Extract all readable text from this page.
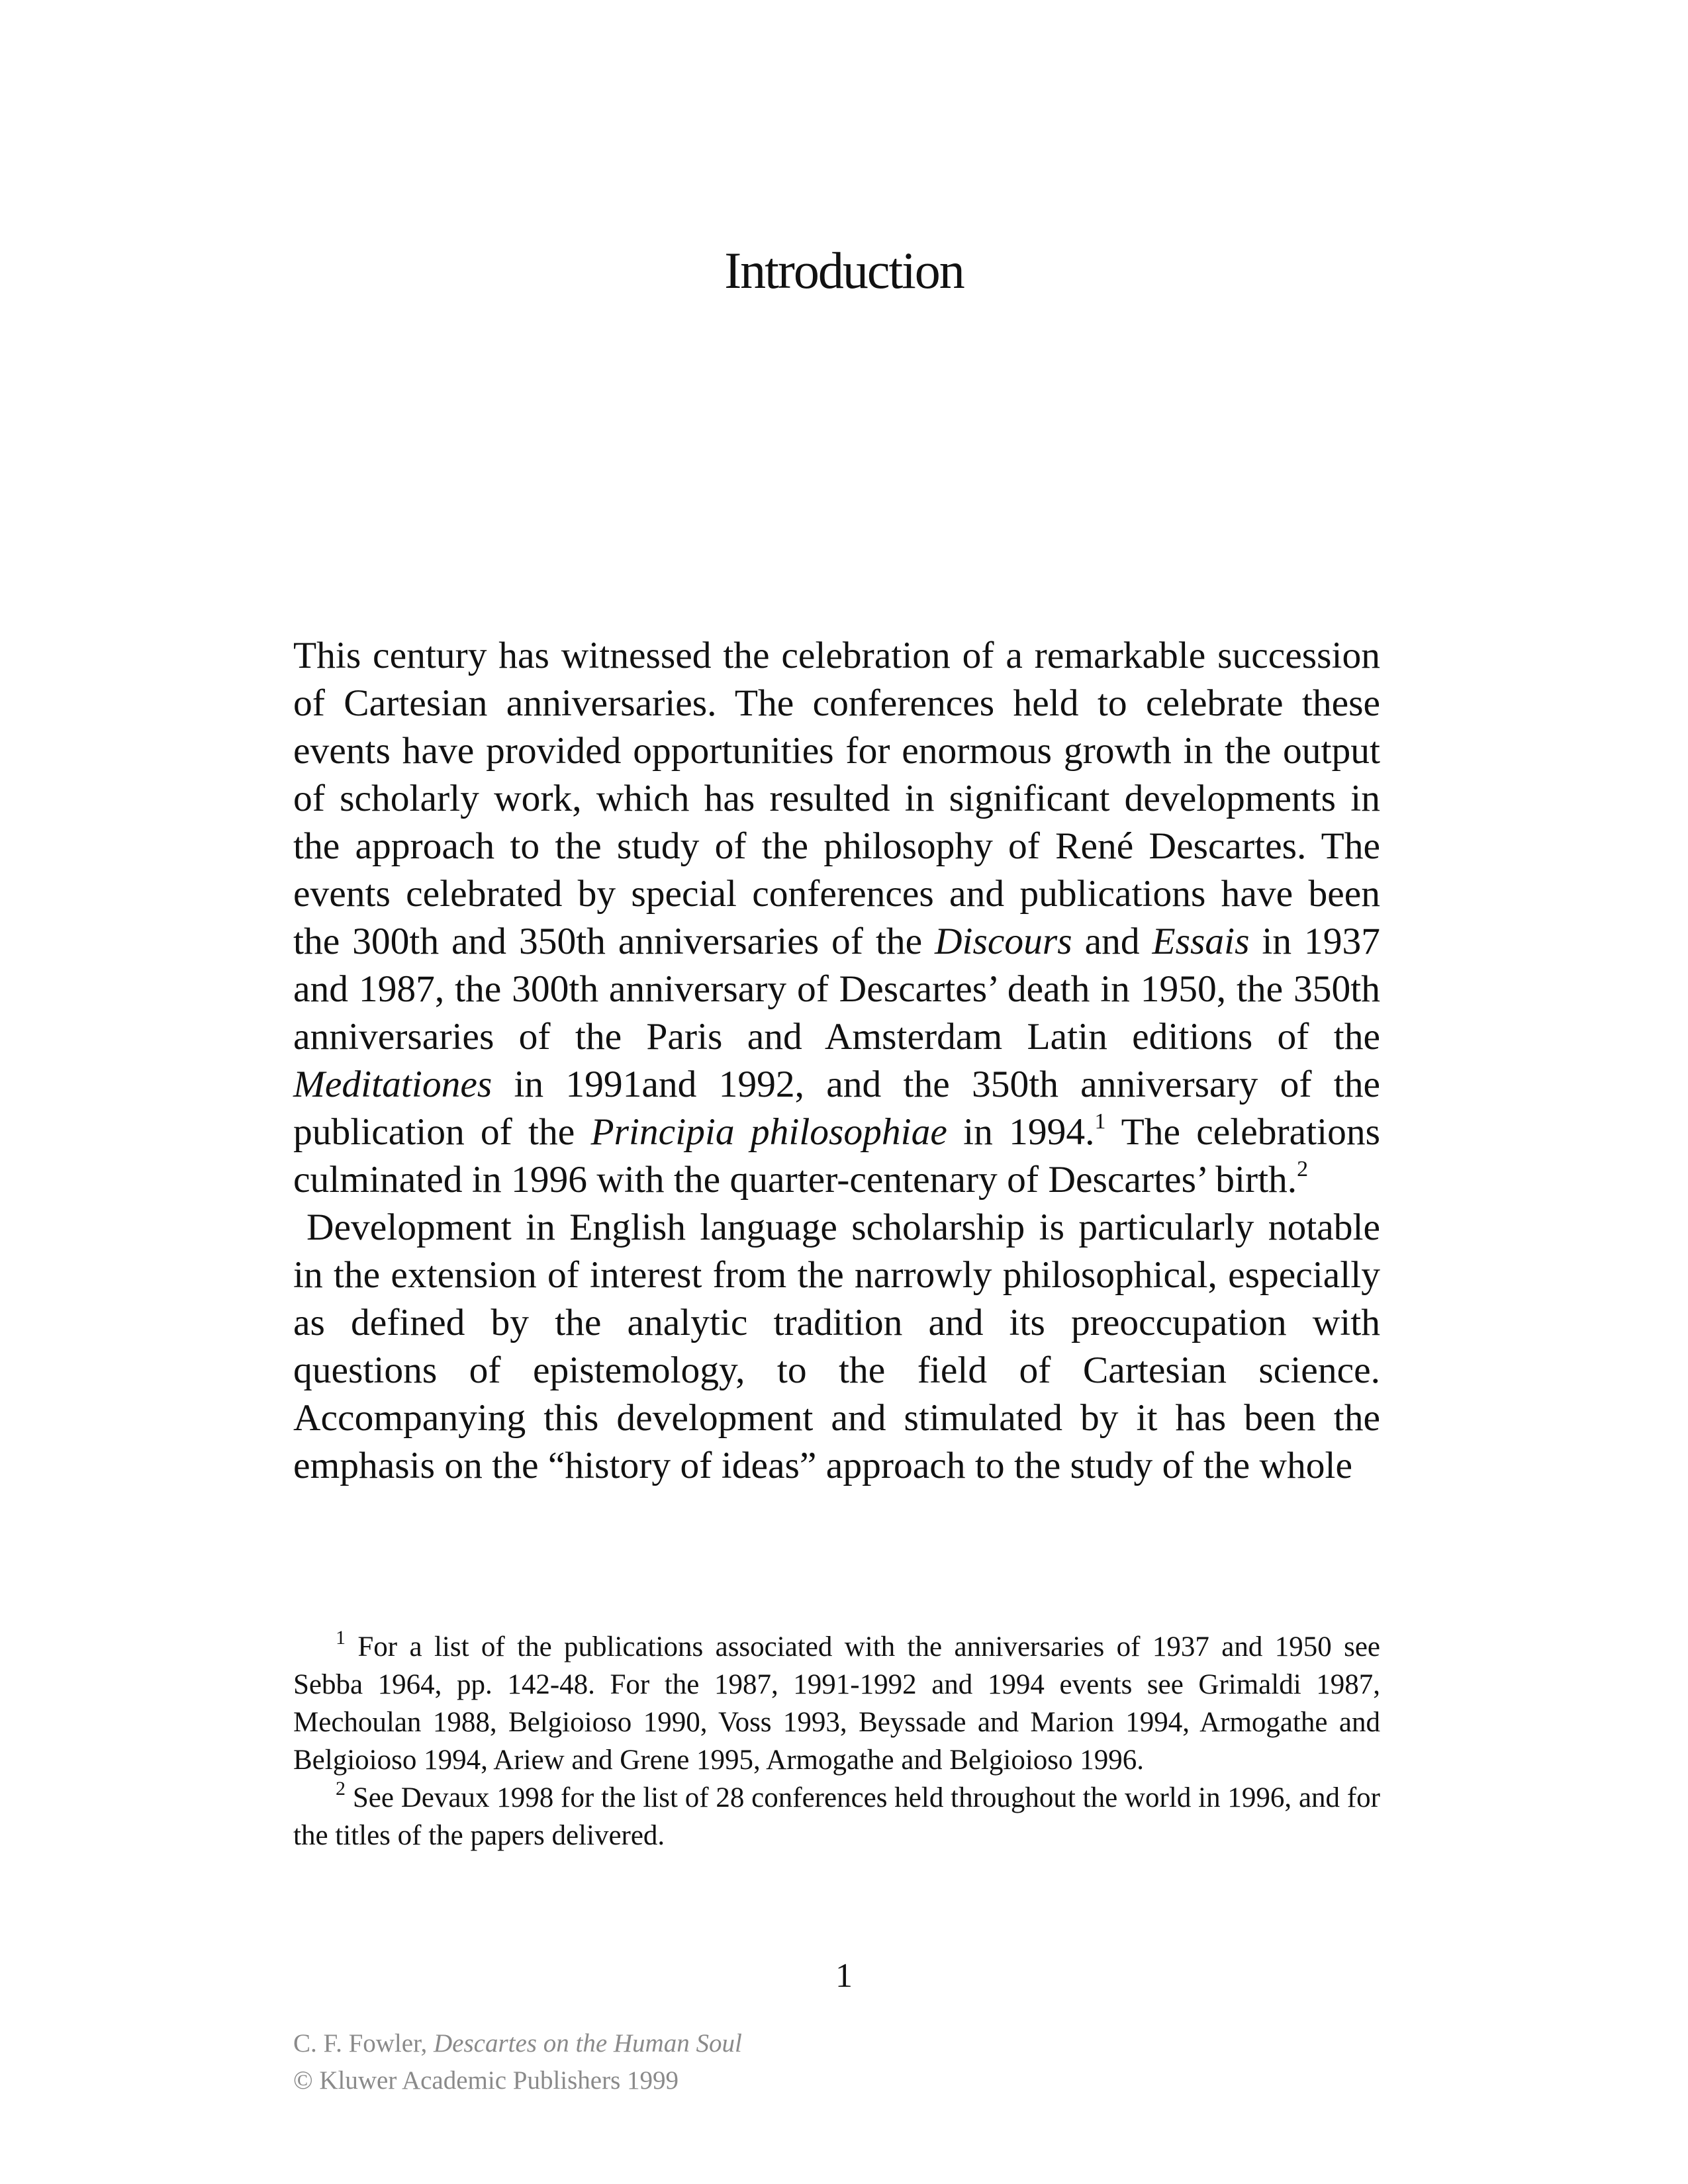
Introduction

This century has witnessed the celebration of a remarkable succession of Cartesian anniversaries. The conferences held to celebrate these events have provided opportunities for enormous growth in the output of scholarly work, which has resulted in significant developments in the approach to the study of the philosophy of René Descartes. The events celebrated by special conferences and publications have been the 300th and 350th anniversaries of the Discours and Essais in 1937 and 1987, the 300th anniversary of Descartes’ death in 1950, the 350th anniversaries of the Paris and Amsterdam Latin editions of the Meditationes in 1991and 1992, and the 350th anniversary of the publication of the Principia philosophiae in 1994.$^1$ The celebrations culminated in 1996 with the quarter-centenary of Descartes’ birth.$^2$

Development in English language scholarship is particularly notable in the extension of interest from the narrowly philosophical, especially as defined by the analytic tradition and its preoccupation with questions of epistemology, to the field of Cartesian science. Accompanying this development and stimulated by it has been the emphasis on the “history of ideas” approach to the study of the whole

$^1$ For a list of the publications associated with the anniversaries of 1937 and 1950 see Sebba 1964, pp. 142-48. For the 1987, 1991-1992 and 1994 events see Grimaldi 1987, Mechoulan 1988, Belgioioso 1990, Voss 1993, Beyssade and Marion 1994, Armogathe and Belgioioso 1994, Ariew and Grene 1995, Armogathe and Belgioioso 1996.

$^2$ See Devaux 1998 for the list of 28 conferences held throughout the world in 1996, and for the titles of the papers delivered.

1
C. F. Fowler, Descartes on the Human Soul
© Kluwer Academic Publishers 1999
